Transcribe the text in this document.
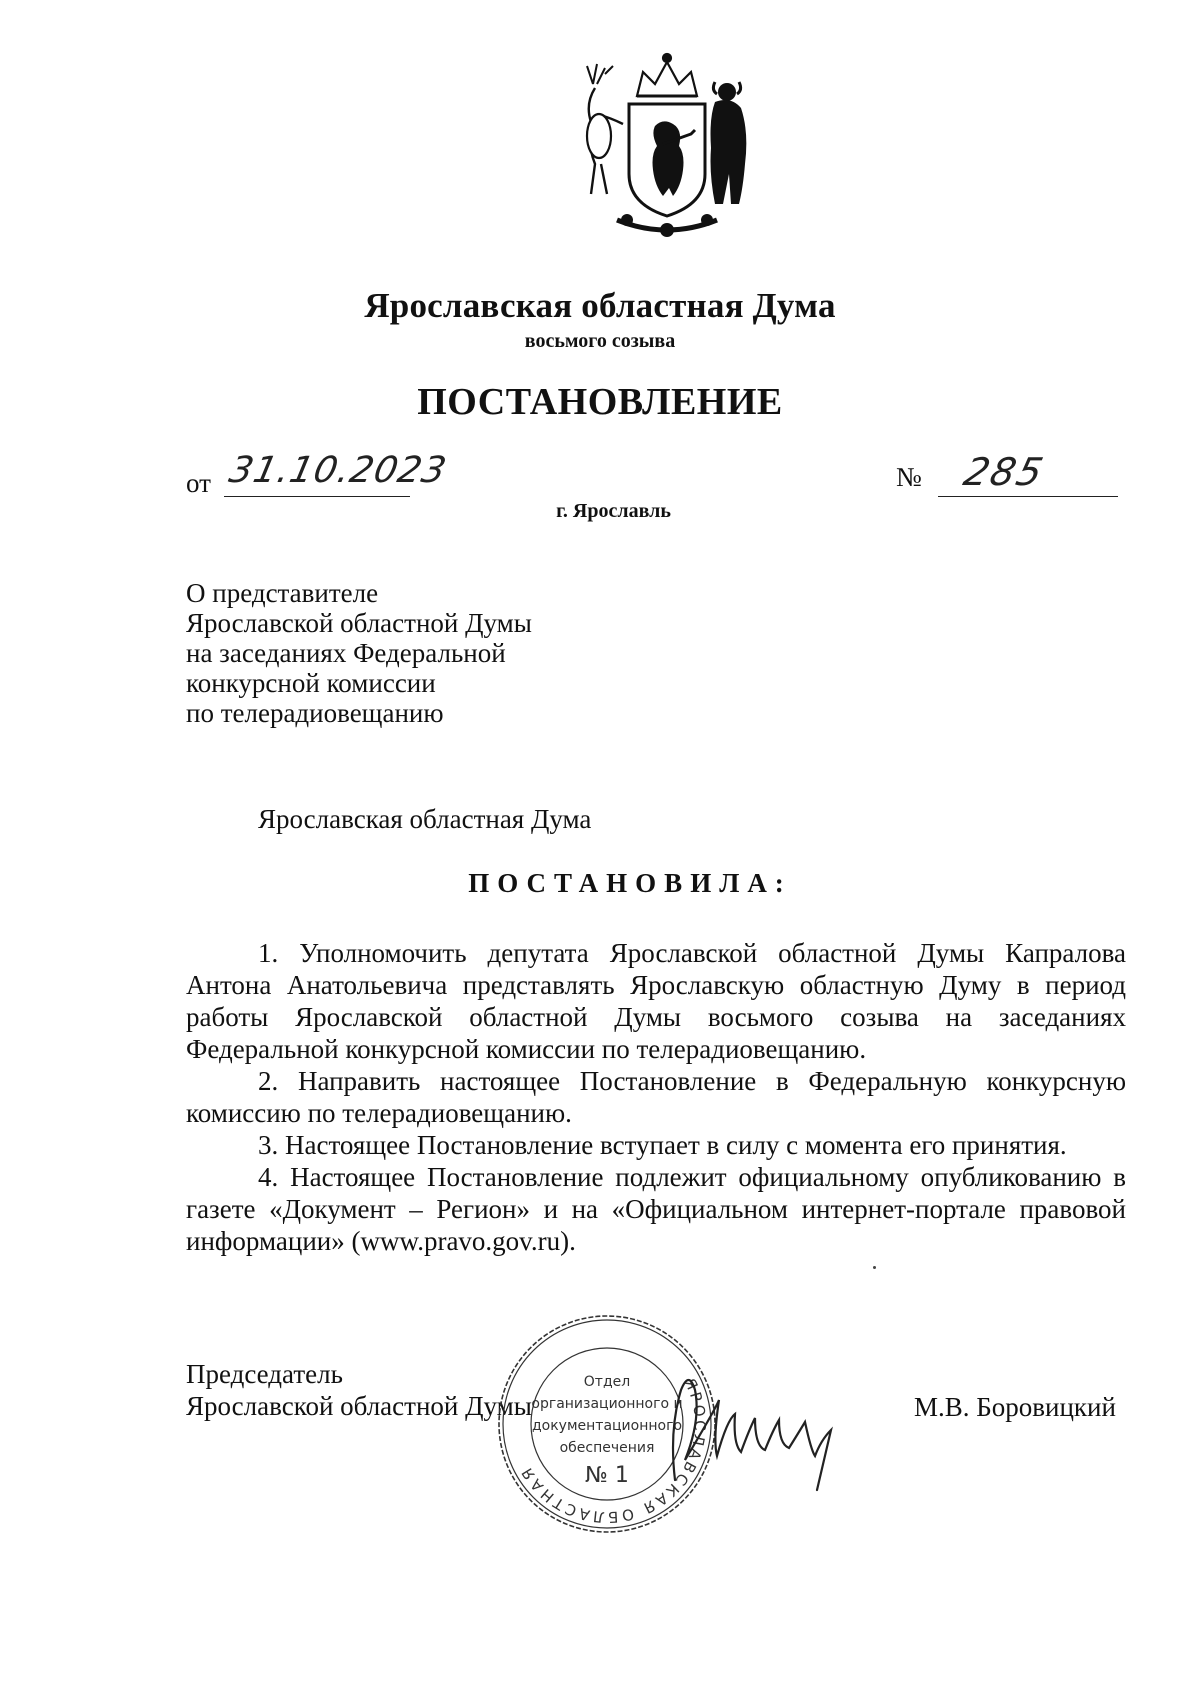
Ярославская областная Дума
восьмого созыва
ПОСТАНОВЛЕНИЕ
от 31.10.2023	№ 285
г. Ярославль
О представителе
Ярославской областной Думы
на заседаниях Федеральной
конкурсной комиссии
по телерадиовещанию
Ярославская областная Дума
ПОСТАНОВИЛА:

1. Уполномочить депутата Ярославской областной Думы Капралова Антона Анатольевича представлять Ярославскую областную Думу в период работы Ярославской областной Думы восьмого созыва на заседаниях Федеральной конкурсной комиссии по телерадиовещанию.

2. Направить настоящее Постановление в Федеральную конкурсную комиссию по телерадиовещанию.

3. Настоящее Постановление вступает в силу с момента его принятия.

4. Настоящее Постановление подлежит официальному опубликованию в газете «Документ – Регион» и на «Официальном интернет-портале правовой информации» (www.pravo.gov.ru).

Председатель
Ярославской областной Думы
ЯРОСЛАВСКАЯ ОБЛАСТНАЯ
Отдел
организационного и
документационного
обеспечения
№ 1
М.В. Боровицкий
